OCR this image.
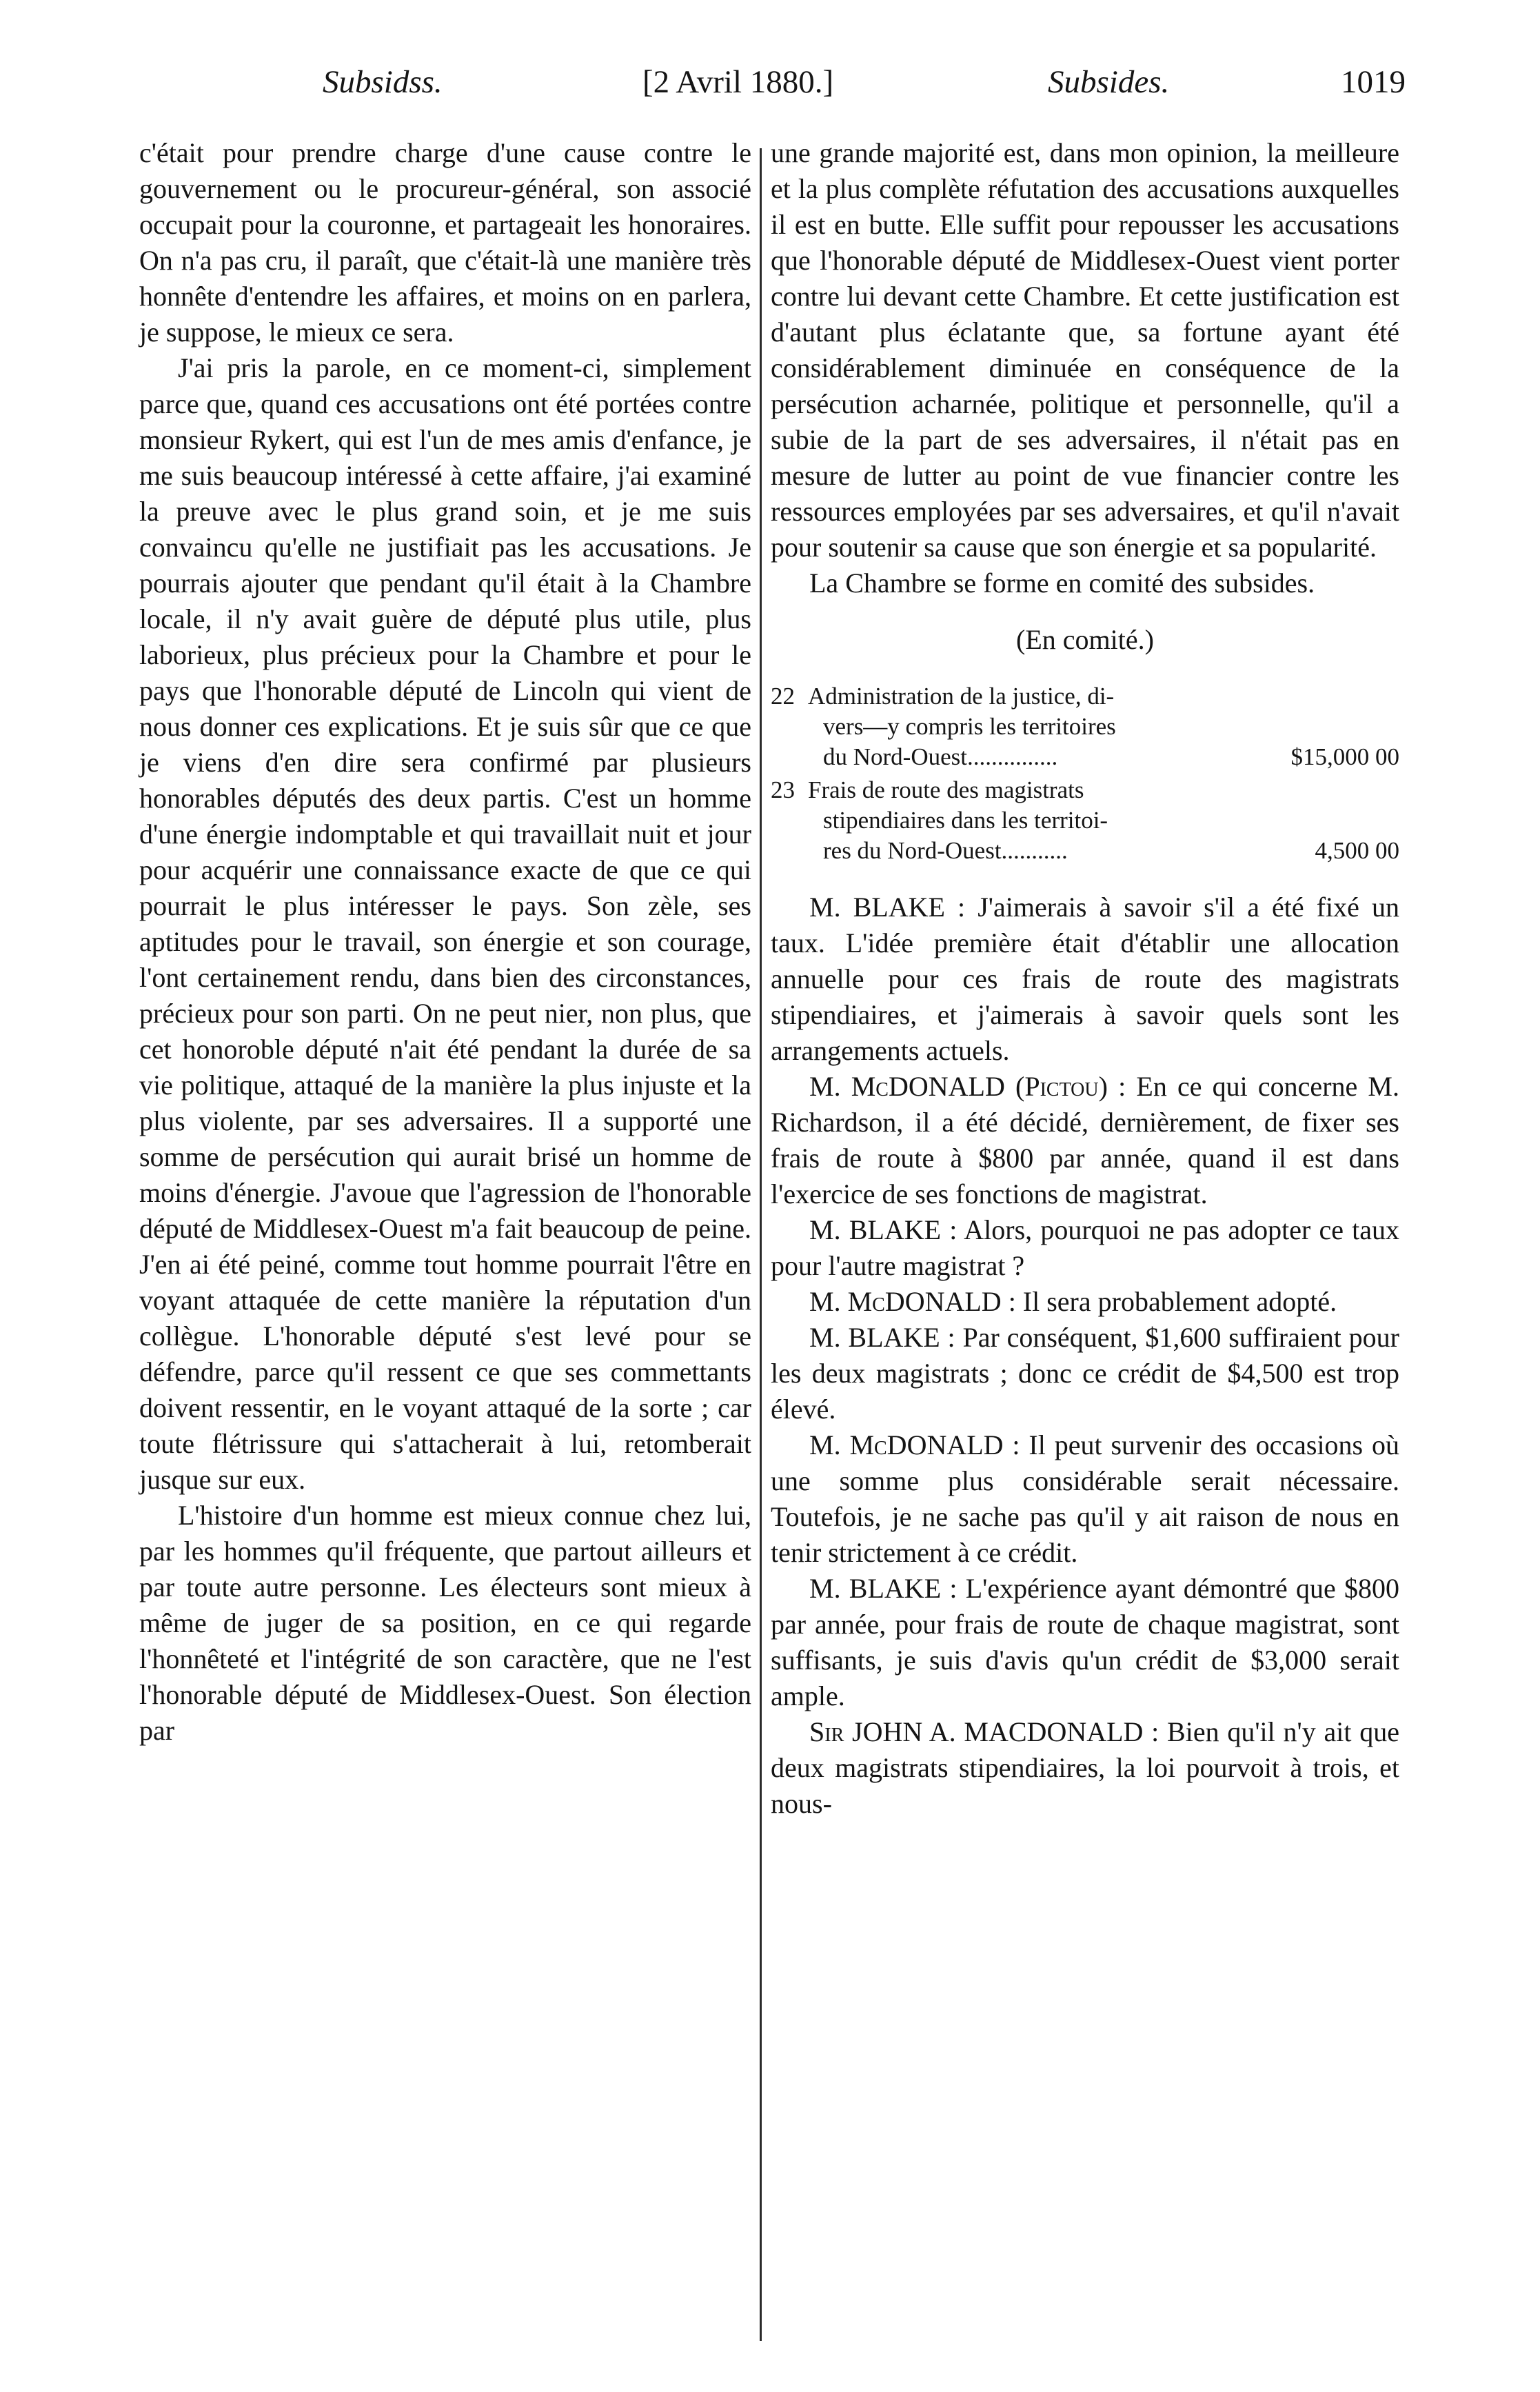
Subsidss.	[2 Avril 1880.]	Subsides.	1019

c'était pour prendre charge d'une cause contre le gouvernement ou le procureur-général, son associé occupait pour la couronne, et partageait les honoraires. On n'a pas cru, il paraît, que c'était-là une manière très honnête d'entendre les affaires, et moins on en parlera, je suppose, le mieux ce sera.

J'ai pris la parole, en ce moment-ci, simplement parce que, quand ces accusations ont été portées contre monsieur Rykert, qui est l'un de mes amis d'enfance, je me suis beaucoup intéressé à cette affaire, j'ai examiné la preuve avec le plus grand soin, et je me suis convaincu qu'elle ne justifiait pas les accusations. Je pourrais ajouter que pendant qu'il était à la Chambre locale, il n'y avait guère de député plus utile, plus laborieux, plus précieux pour la Chambre et pour le pays que l'honorable député de Lincoln qui vient de nous donner ces explications. Et je suis sûr que ce que je viens d'en dire sera confirmé par plusieurs honorables députés des deux partis. C'est un homme d'une énergie indomptable et qui travaillait nuit et jour pour acquérir une connaissance exacte de que ce qui pourrait le plus intéresser le pays. Son zèle, ses aptitudes pour le travail, son énergie et son courage, l'ont certainement rendu, dans bien des circonstances, précieux pour son parti. On ne peut nier, non plus, que cet honoroble député n'ait été pendant la durée de sa vie politique, attaqué de la manière la plus injuste et la plus violente, par ses adversaires. Il a supporté une somme de persécution qui aurait brisé un homme de moins d'énergie. J'avoue que l'agression de l'honorable député de Middlesex-Ouest m'a fait beaucoup de peine. J'en ai été peiné, comme tout homme pourrait l'être en voyant attaquée de cette manière la réputation d'un collègue. L'honorable député s'est levé pour se défendre, parce qu'il ressent ce que ses commettants doivent ressentir, en le voyant attaqué de la sorte ; car toute flétrissure qui s'attacherait à lui, retomberait jusque sur eux.

L'histoire d'un homme est mieux connue chez lui, par les hommes qu'il fréquente, que partout ailleurs et par toute autre personne. Les électeurs sont mieux à même de juger de sa position, en ce qui regarde l'honnêteté et l'intégrité de son caractère, que ne l'est l'honorable député de Middlesex-Ouest. Son élection par

une grande majorité est, dans mon opinion, la meilleure et la plus complète réfutation des accusations auxquelles il est en butte. Elle suffit pour repousser les accusations que l'honorable député de Middlesex-Ouest vient porter contre lui devant cette Chambre. Et cette justification est d'autant plus éclatante que, sa fortune ayant été considérablement diminuée en conséquence de la persécution acharnée, politique et personnelle, qu'il a subie de la part de ses adversaires, il n'était pas en mesure de lutter au point de vue financier contre les ressources employées par ses adversaires, et qu'il n'avait pour soutenir sa cause que son énergie et sa popularité.

La Chambre se forme en comité des subsides.

(En comité.)

22 Administration de la justice, di-
vers—y compris les territoires
du Nord-Ouest...............	$15,000 00
23 Frais de route des magistrats
stipendiaires dans les territoi-
res du Nord-Ouest...........	4,500 00

M. BLAKE : J'aimerais à savoir s'il a été fixé un taux. L'idée première était d'établir une allocation annuelle pour ces frais de route des magistrats stipendiaires, et j'aimerais à savoir quels sont les arrangements actuels.

M. McDONALD (Pictou) : En ce qui concerne M. Richardson, il a été décidé, dernièrement, de fixer ses frais de route à $800 par année, quand il est dans l'exercice de ses fonctions de magistrat.

M. BLAKE : Alors, pourquoi ne pas adopter ce taux pour l'autre magistrat ?

M. McDONALD : Il sera probablement adopté.

M. BLAKE : Par conséquent, $1,600 suffiraient pour les deux magistrats ; donc ce crédit de $4,500 est trop élevé.

M. McDONALD : Il peut survenir des occasions où une somme plus considérable serait nécessaire. Toutefois, je ne sache pas qu'il y ait raison de nous en tenir strictement à ce crédit.

M. BLAKE : L'expérience ayant démontré que $800 par année, pour frais de route de chaque magistrat, sont suffisants, je suis d'avis qu'un crédit de $3,000 serait ample.

Sir JOHN A. MACDONALD : Bien qu'il n'y ait que deux magistrats stipendiaires, la loi pourvoit à trois, et nous-
